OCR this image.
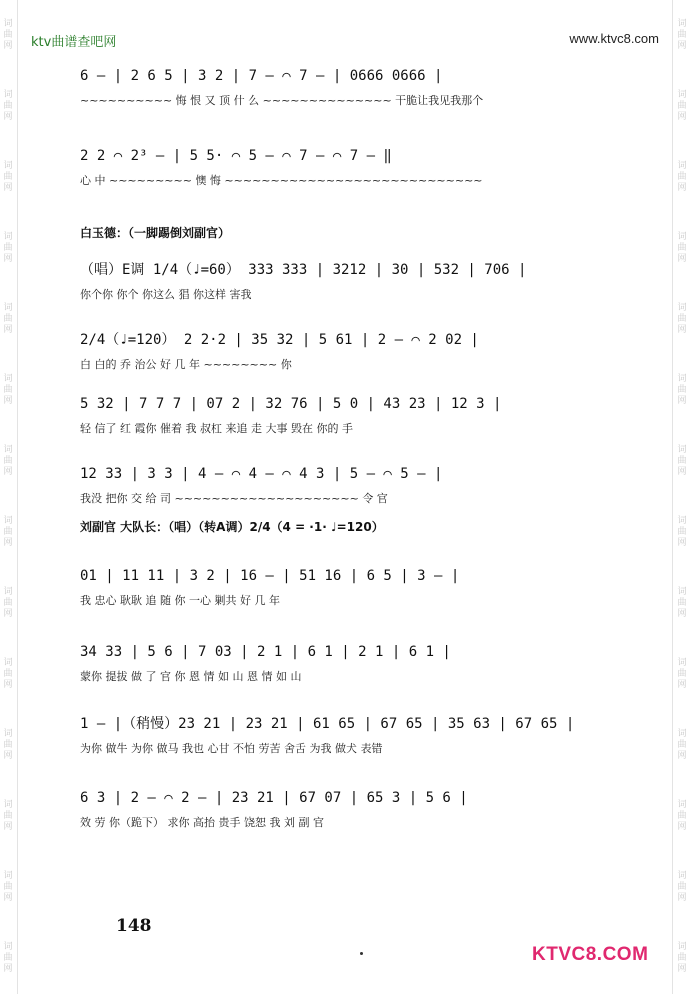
词
曲
网
词
曲
网
词
曲
网
词
曲
网
词
曲
网
词
曲
网
词
曲
网
词
曲
网
词
曲
网
词
曲
网
词
曲
网
词
曲
网
词
曲
网
词
曲
网
词
曲
网
词
曲
网
词
曲
网
词
曲
网
词
曲
网
词
曲
网
词
曲
网
词
曲
网
词
曲
网
词
曲
网
词
曲
网
词
曲
网
词
曲
网
词
曲
网
ktv曲谱查吧网	www.ktvc8.com
6 — | 2 6 5 | 3 2 | 7 — ⌒ 7 — | 0666 0666 |
~~~~~~~~~~ 悔 恨 又 顶 什 么 ~~~~~~~~~~~~~~ 干脆让我见我那个
2 2 ⌒ 2³ — | 5 5· ⌒ 5 — ⌒ 7 — ⌒ 7 — ‖
心 中 ~~~~~~~~~ 懊 悔 ~~~~~~~~~~~~~~~~~~~~~~~~~~~~
白玉德：（一脚踢倒刘副官）
（唱）E调 1/4（♩=60） 333 333 | 3212 | 30 | 532 | 706 |
你个你 你个 你这么 猖 你这样 害我
2/4（♩=120） 2 2·2 | 35 32 | 5 61 | 2 — ⌒ 2 02 |
白 白的 乔 治公 好 几 年 ~~~~~~~~ 你
5 32 | 7 7 7 | 07 2 | 32 76 | 5 0 | 43 23 | 12 3 |
轻 信了 红 霞你 催着 我 叔杠 来追 走 大事 毁在 你的 手
12 33 | 3 3 | 4 — ⌒ 4 — ⌒ 4 3 | 5 — ⌒ 5 — |
我没 把你 交 给 司 ~~~~~~~~~~~~~~~~~~~~ 令 官
刘副官 大队长：（唱）（转A调）2/4（4 = ·1· ♩=120）
01 | 11 11 | 3 2 | 16 — | 51 16 | 6 5 | 3 — |
我 忠心 耿耿 追 随 你 一心 剿共 好 几 年
34 33 | 5 6 | 7 03 | 2 1 | 6 1 | 2 1 | 6 1 |
蒙你 提拔 做 了 官 你 恩 情 如 山 恩 情 如 山
1 — |（稍慢）23 21 | 23 21 | 61 65 | 67 65 | 35 63 | 67 65 |
为你 做牛 为你 做马 我也 心甘 不怕 劳苦 舍舌 为我 做犬 表错
6 3 | 2 — ⌒ 2 — | 23 21 | 67 07 | 65 3 | 5 6 |
效 劳 你（跪下） 求你 高抬 贵手 饶恕 我 刘 副 官
148
KTVC8.COM
